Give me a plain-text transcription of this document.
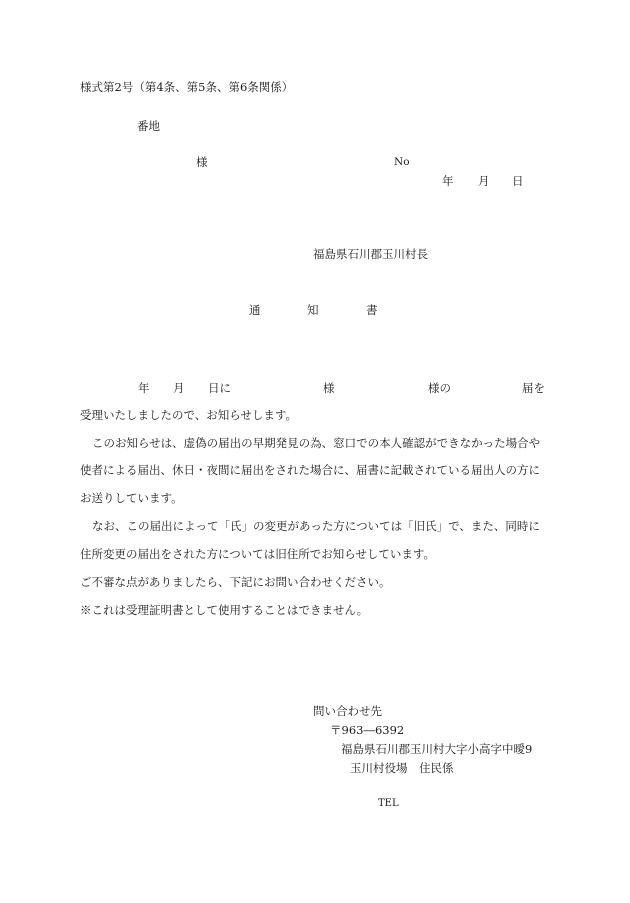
様式第2号（第4条、第5条、第6条関係）
番地
様	No
年 月 日
福島県石川郡玉川村長
通	知	書
年 月 日に	様	様の	届を
受理いたしましたので、お知らせします。
このお知らせは、虚偽の届出の早期発見の為、窓口での本人確認ができなかった場合や
使者による届出、休日・夜間に届出をされた場合に、届書に記載されている届出人の方に
お送りしています。
なお、この届出によって「氏」の変更があった方については「旧氏」で、また、同時に
住所変更の届出をされた方については旧住所でお知らせしています。
ご不審な点がありましたら、下記にお問い合わせください。
※これは受理証明書として使用することはできません。
問い合わせ先
〒963―6392
福島県石川郡玉川村大字小高字中曖9
玉川村役場　住民係
TEL
